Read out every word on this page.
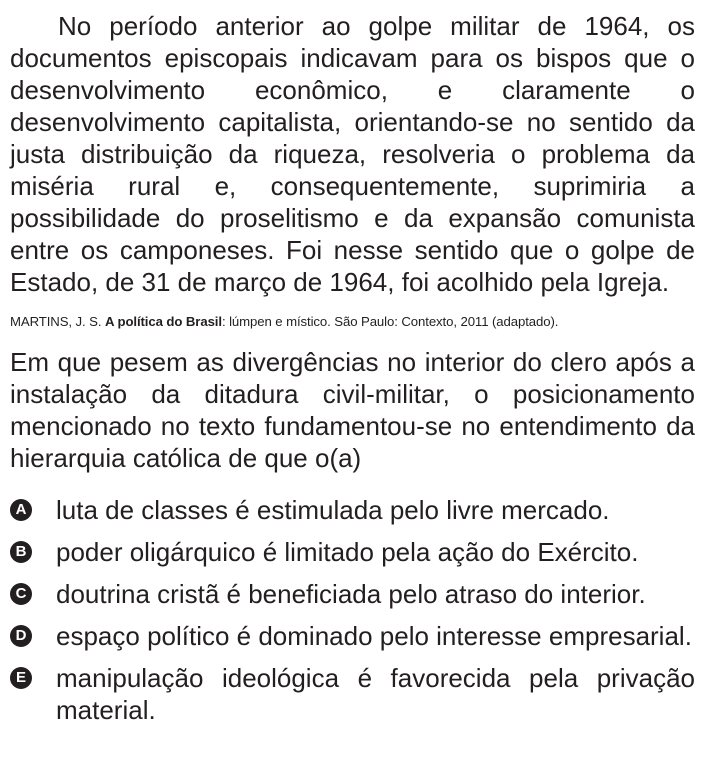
No período anterior ao golpe militar de 1964, os documentos episcopais indicavam para os bispos que o desenvolvimento econômico, e claramente o desenvolvimento capitalista, orientando-se no sentido da justa distribuição da riqueza, resolveria o problema da miséria rural e, consequentemente, suprimiria a possibilidade do proselitismo e da expansão comunista entre os camponeses. Foi nesse sentido que o golpe de Estado, de 31 de março de 1964, foi acolhido pela Igreja.

MARTINS, J. S. A política do Brasil: lúmpen e místico. São Paulo: Contexto, 2011 (adaptado).

Em que pesem as divergências no interior do clero após a instalação da ditadura civil-militar, o posicionamento mencionado no texto fundamentou-se no entendimento da hierarquia católica de que o(a)

A luta de classes é estimulada pelo livre mercado.
B poder oligárquico é limitado pela ação do Exército.
C doutrina cristã é beneficiada pelo atraso do interior.
D espaço político é dominado pelo interesse empresarial.
E manipulação ideológica é favorecida pela privação material.
